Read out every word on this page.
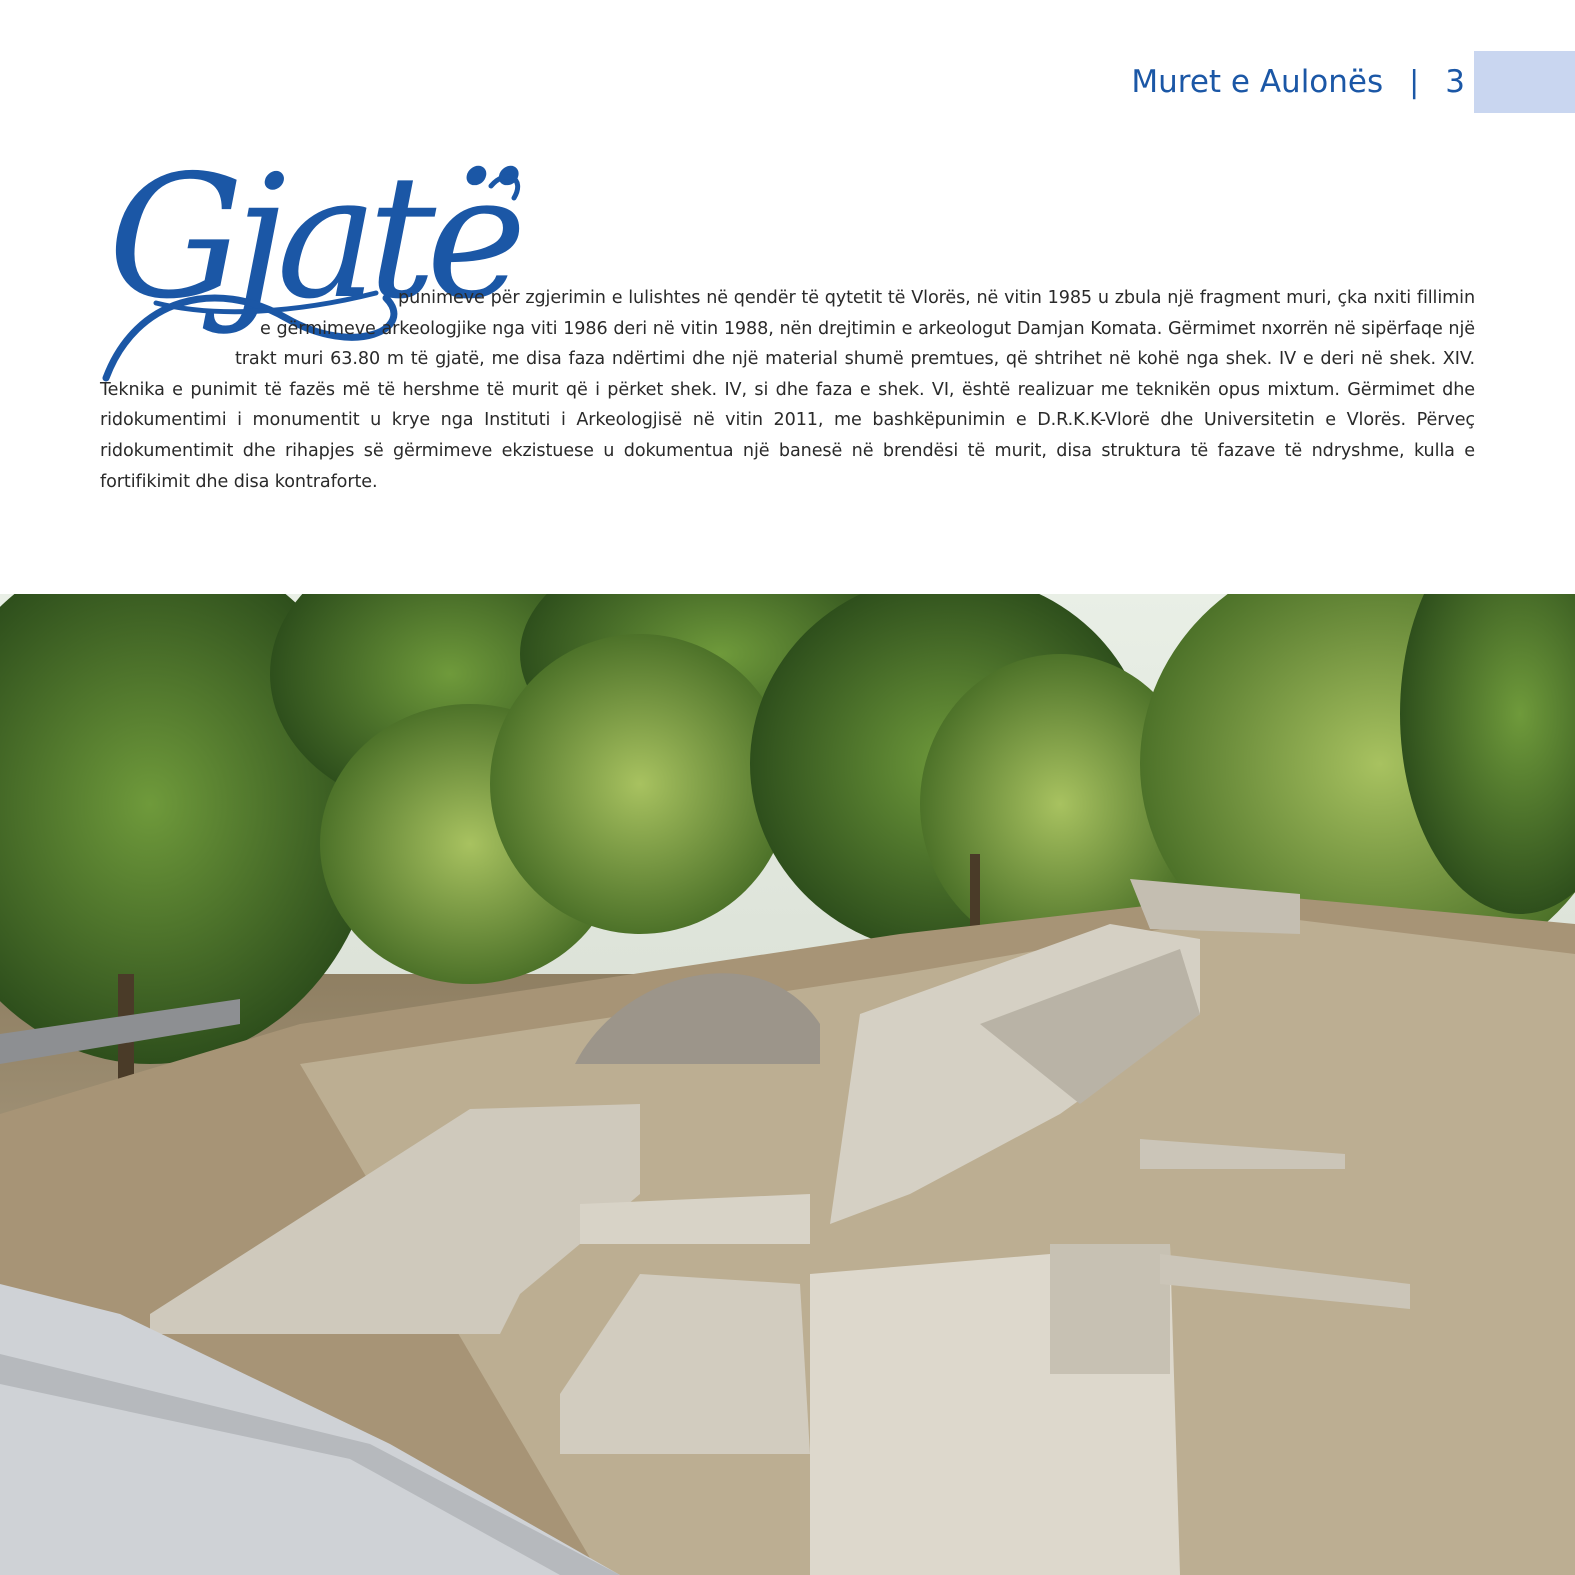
Muret e Aulonës | 3
Gjatë

punimeve për zgjerimin e lulishtes në qendër të qytetit të Vlorës, në vitin 1985 u zbula një fragment muri, çka nxiti fillimin e gërmimeve arkeologjike nga viti 1986 deri në vitin 1988, nën drejtimin e arkeologut Damjan Komata. Gërmimet nxorrën në sipërfaqe një trakt muri 63.80 m të gjatë, me disa faza ndërtimi dhe një material shumë premtues, që shtrihet në kohë nga shek. IV e deri në shek. XIV. Teknika e punimit të fazës më të hershme të murit që i përket shek. IV, si dhe faza e shek. VI, është realizuar me teknikën opus mixtum. Gërmimet dhe ridokumentimi i monumentit u krye nga Instituti i Arkeologjisë në vitin 2011, me bashkëpunimin e D.R.K.K-Vlorë dhe Universitetin e Vlorës. Përveç ridokumentimit dhe rihapjes së gërmimeve ekzistuese u dokumentua një banesë në brendësi të murit, disa struktura të fazave të ndryshme, kulla e fortifikimit dhe disa kontraforte.
